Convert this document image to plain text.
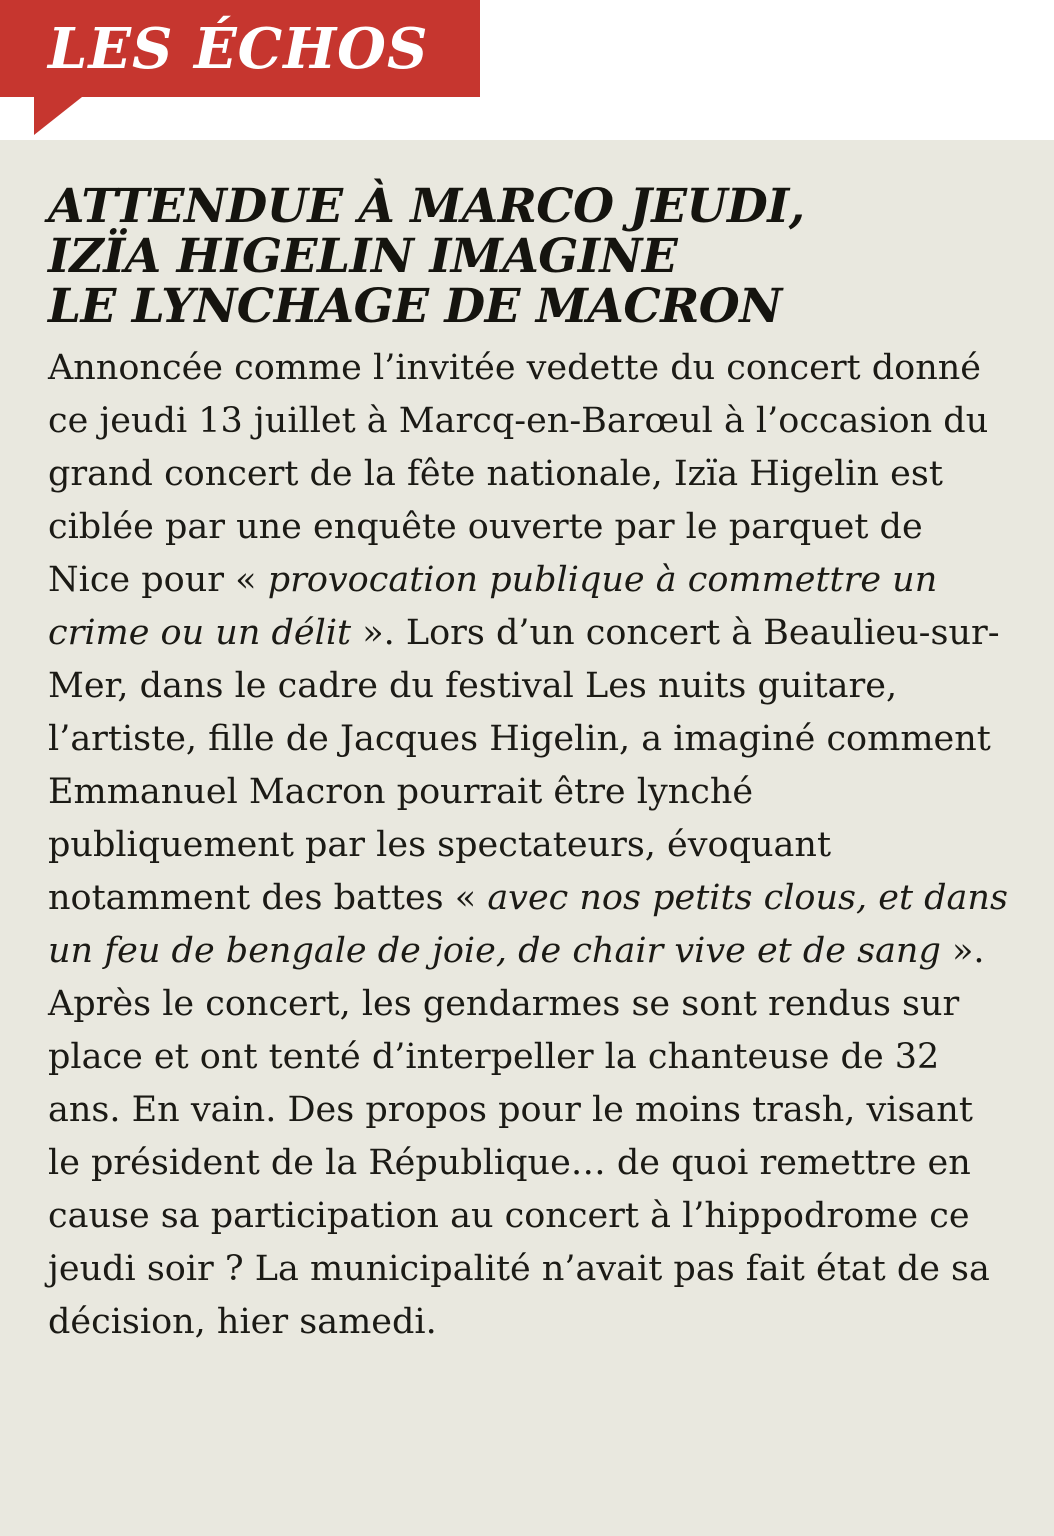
LES ÉCHOS
ATTENDUE À MARCO JEUDI,
IZÏA HIGELIN IMAGINE
LE LYNCHAGE DE MACRON

Annoncée comme l’invitée vedette du concert donné ce jeudi 13 juillet à Marcq-en-Barœul à l’occasion du grand concert de la fête nationale, Izïa Higelin est ciblée par une enquête ouverte par le parquet de Nice pour « provocation publique à commettre un crime ou un délit ». Lors d’un concert à Beaulieu-sur-Mer, dans le cadre du festival Les nuits guitare, l’artiste, fille de Jacques Higelin, a imaginé comment Emmanuel Macron pourrait être lynché publiquement par les spectateurs, évoquant notamment des battes « avec nos petits clous, et dans un feu de bengale de joie, de chair vive et de sang ». Après le concert, les gendarmes se sont rendus sur place et ont tenté d’interpeller la chanteuse de 32 ans. En vain. Des propos pour le moins trash, visant le président de la République… de quoi remettre en cause sa participation au concert à l’hippodrome ce jeudi soir ? La municipalité n’avait pas fait état de sa décision, hier samedi.
